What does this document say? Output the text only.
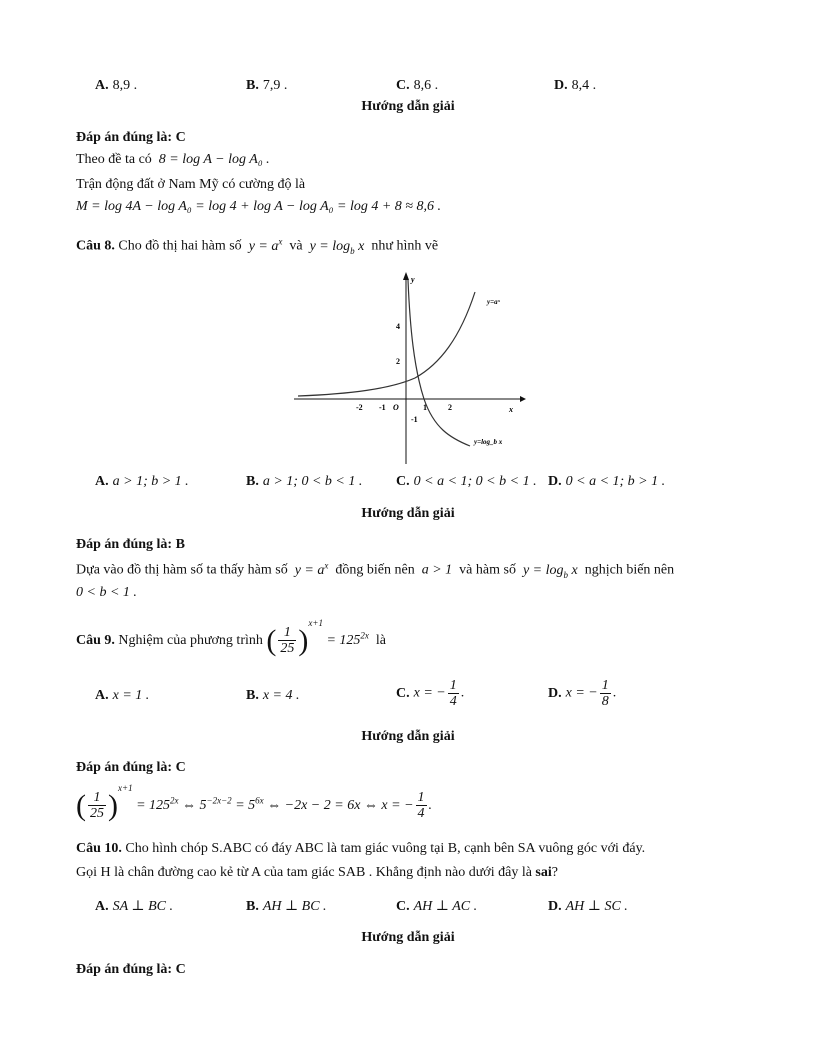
A. 8,9 .	B. 7,9 .	C. 8,6 .	D. 8,4 .
Hướng dẫn giải
Đáp án đúng là: C
Theo đề ta có 8 = log A − log A₀ .
Trận động đất ở Nam Mỹ có cường độ là
M = log 4A − log A₀ = log 4 + log A − log A₀ = log 4 + 8 ≈ 8,6 .
Câu 8. Cho đồ thị hai hàm số $y = a^x$ và $y = \log_b x$ như hình vẽ
y
x
O
-2 -1	1	2
4
2
-1
y=aˣ
y=log_b x
A. a > 1; b > 1 .	B. a > 1; 0 < b < 1 . C. 0 < a < 1; 0 < b < 1 . D. 0 < a < 1; b > 1 .
Hướng dẫn giải
Đáp án đúng là: B
Dựa vào đồ thị hàm số ta thấy hàm số $y = a^x$ đồng biến nên a > 1 và hàm số $y = \log_b x$ nghịch biến nên
0 < b < 1 .
Câu 9. Nghiệm của phương trình ( $\frac{1}{25} )^{x+1} = 125^{2x}$ là
A. x = 1 .	B. x = 4 .	C. x = − $\frac{1}{4}$ .	D. x = − $\frac{1}{8}$ .
Hướng dẫn giải
Đáp án đúng là: C
( $\frac{1}{25} )^{x+1} = 125^{2x}$ ⇔ $5^{-2x-2} = 5^{6x}$ ⇔ −2x − 2 = 6x ⇔ x = − $\frac{1}{4}$ .
Câu 10. Cho hình chóp S.ABC có đáy ABC là tam giác vuông tại B, cạnh bên SA vuông góc với đáy.
Gọi H là chân đường cao kẻ từ A của tam giác SAB . Khẳng định nào dưới đây là sai?
A. SA ⊥ BC .	B. AH ⊥ BC .	C. AH ⊥ AC .	D. AH ⊥ SC .
Hướng dẫn giải
Đáp án đúng là: C
